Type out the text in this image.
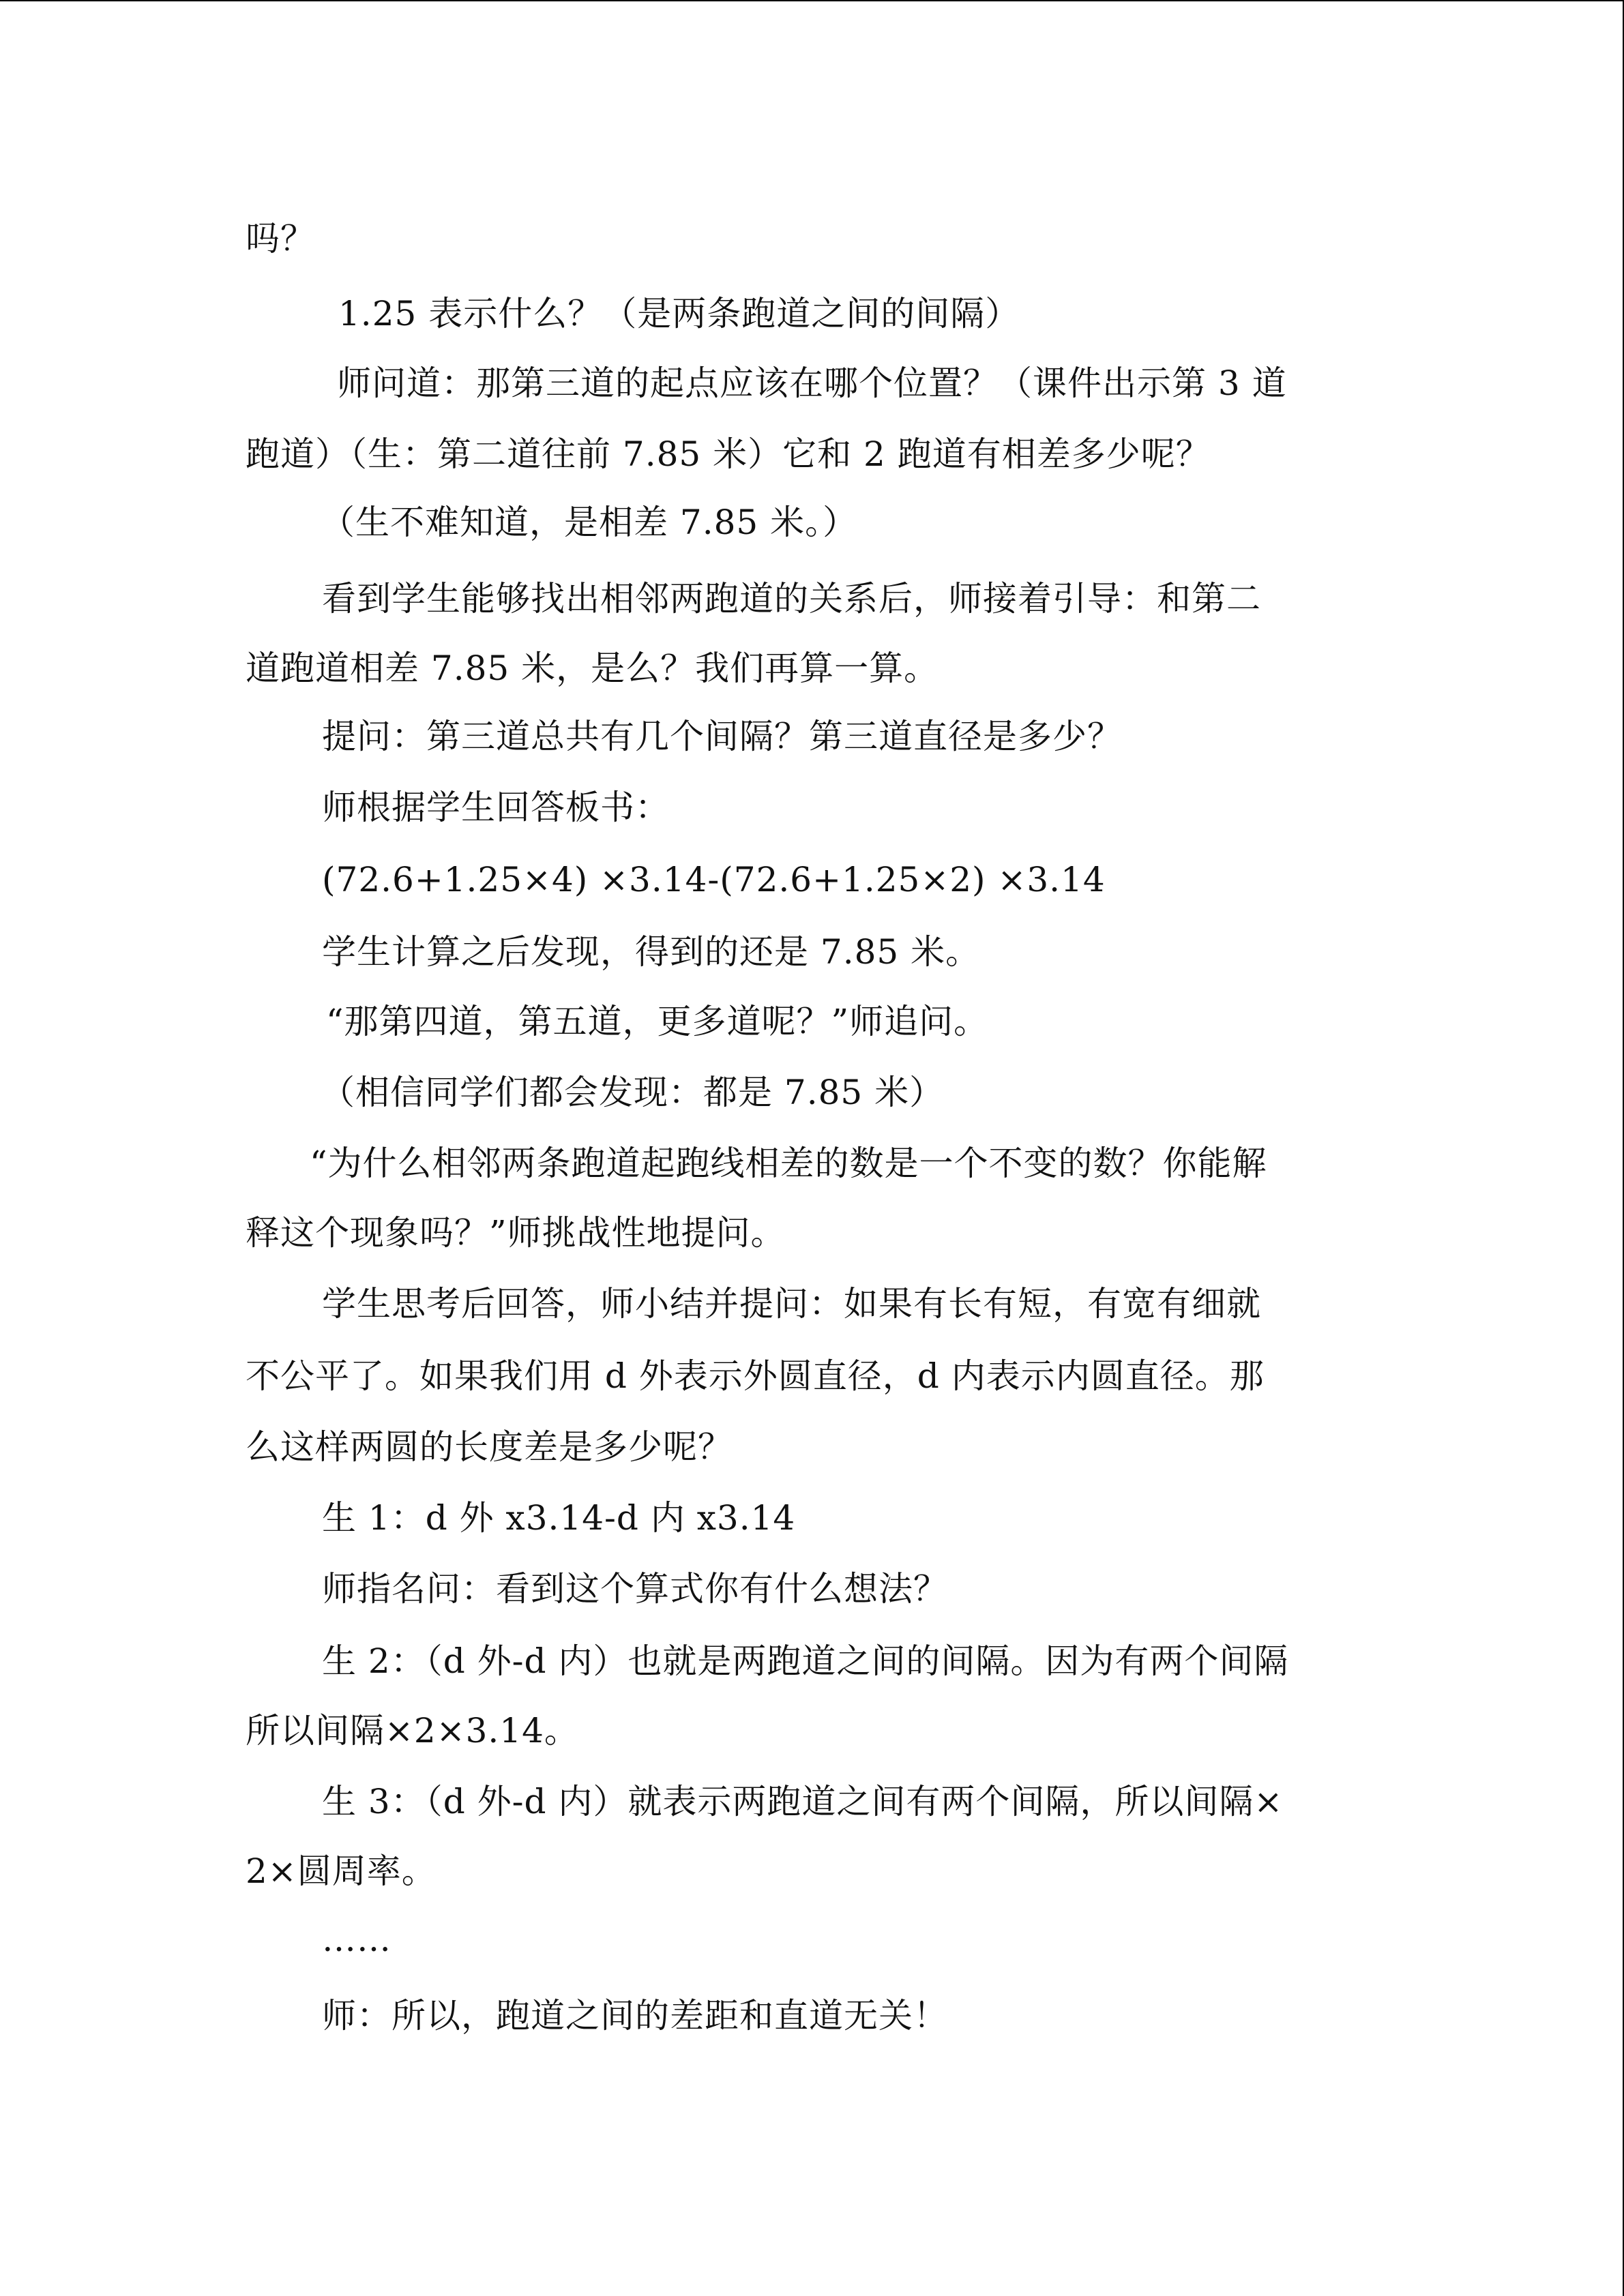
吗？
1.25 表示什么？（是两条跑道之间的间隔）
师问道：那第三道的起点应该在哪个位置？（课件出示第 3 道
跑道）（生：第二道往前 7.85 米）它和 2 跑道有相差多少呢？
（生不难知道，是相差 7.85 米。）
看到学生能够找出相邻两跑道的关系后，师接着引导：和第二
道跑道相差 7.85 米，是么？我们再算一算。
提问：第三道总共有几个间隔？第三道直径是多少？
师根据学生回答板书：
(72.6+1.25×4) ×3.14-(72.6+1.25×2) ×3.14
学生计算之后发现，得到的还是 7.85 米。
“那第四道，第五道，更多道呢？”师追问。
（相信同学们都会发现：都是 7.85 米）
“为什么相邻两条跑道起跑线相差的数是一个不变的数？你能解
释这个现象吗？”师挑战性地提问。
学生思考后回答，师小结并提问：如果有长有短，有宽有细就
不公平了。如果我们用 d 外表示外圆直径，d 内表示内圆直径。那
么这样两圆的长度差是多少呢？
生 1：d 外 x3.14-d 内 x3.14
师指名问：看到这个算式你有什么想法？
生 2：（d 外-d 内）也就是两跑道之间的间隔。因为有两个间隔
所以间隔×2×3.14。
生 3：（d 外-d 内）就表示两跑道之间有两个间隔，所以间隔×
2×圆周率。
……
师：所以，跑道之间的差距和直道无关！
